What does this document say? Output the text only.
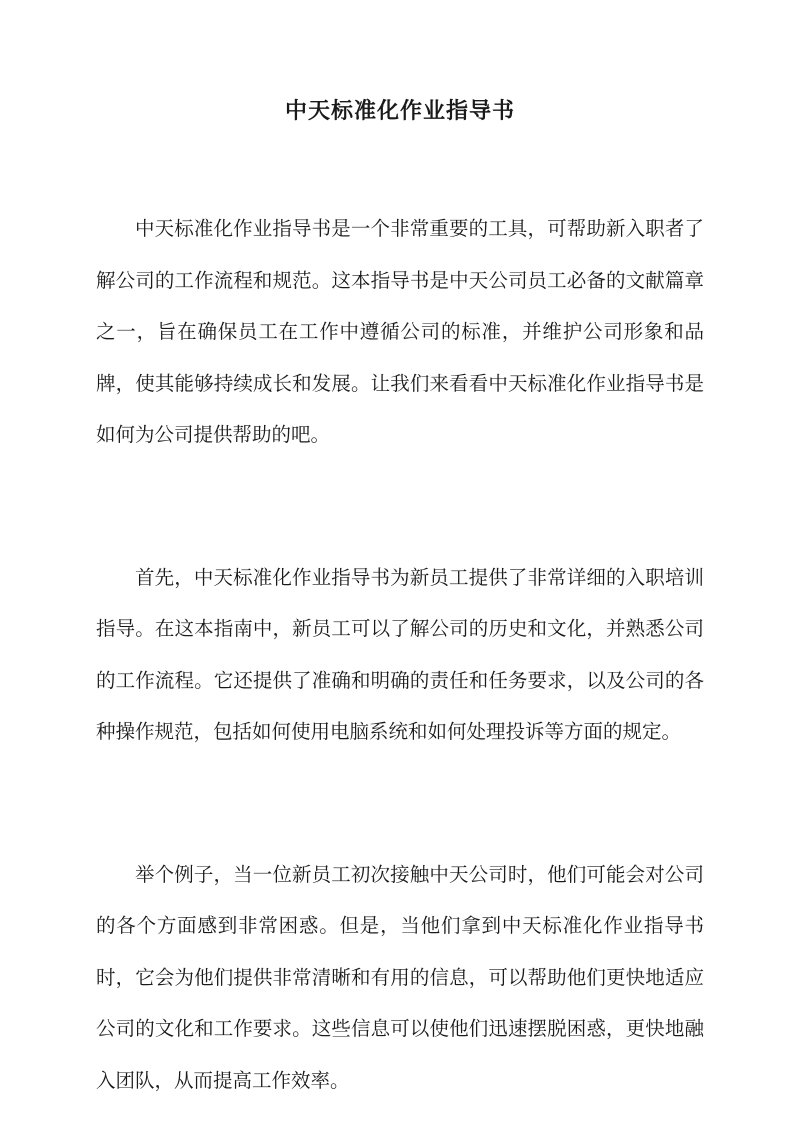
中天标准化作业指导书

中天标准化作业指导书是一个非常重要的工具，可帮助新入职者了解公司的工作流程和规范。这本指导书是中天公司员工必备的文献篇章之一，旨在确保员工在工作中遵循公司的标准，并维护公司形象和品牌，使其能够持续成长和发展。让我们来看看中天标准化作业指导书是如何为公司提供帮助的吧。

首先，中天标准化作业指导书为新员工提供了非常详细的入职培训指导。在这本指南中，新员工可以了解公司的历史和文化，并熟悉公司的工作流程。它还提供了准确和明确的责任和任务要求，以及公司的各种操作规范，包括如何使用电脑系统和如何处理投诉等方面的规定。

举个例子，当一位新员工初次接触中天公司时，他们可能会对公司的各个方面感到非常困惑。但是，当他们拿到中天标准化作业指导书时，它会为他们提供非常清晰和有用的信息，可以帮助他们更快地适应公司的文化和工作要求。这些信息可以使他们迅速摆脱困惑，更快地融入团队，从而提高工作效率。
